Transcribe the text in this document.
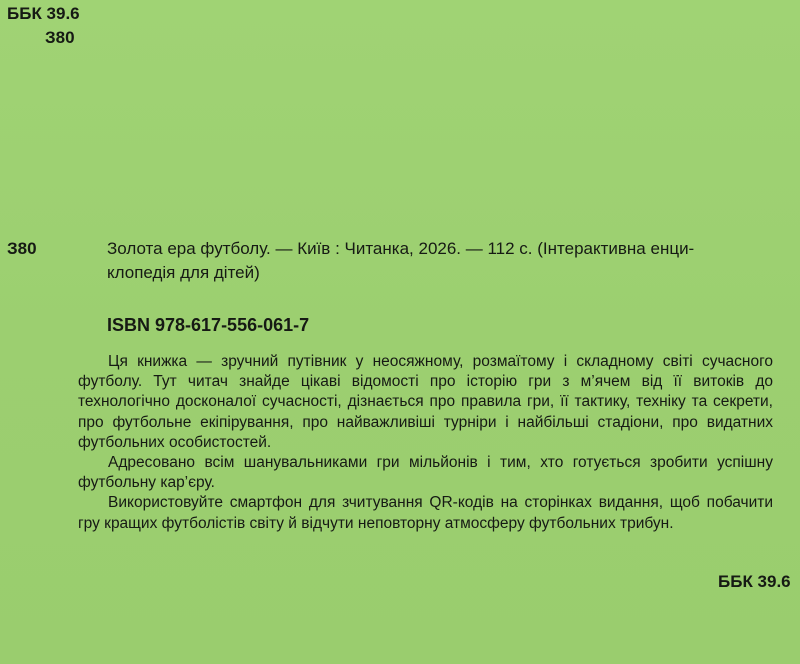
ББК 39.6
З80
З80	Золота ера футболу. — Київ : Читанка, 2026. — 112 с. (Інтерактивна енци-
клопедія для дітей)
ISBN 978-617-556-061-7

Ця книжка — зручний путівник у неосяжному, розмаїтому і складному світі сучасного футболу. Тут читач знайде цікаві відомості про історію гри з м’ячем від її витоків до технологічно досконалої сучасності, дізнається про правила гри, її тактику, техніку та секрети, про футбольне екіпірування, про найважливіші турніри і найбільші стадіони, про видатних футбольних особистостей.

Адресовано всім шанувальниками гри мільйонів і тим, хто готується зробити успішну футбольну кар’єру.

Використовуйте смартфон для зчитування QR-кодів на сторінках видання, щоб побачити гру кращих футболістів світу й відчути неповторну атмосферу футбольних трибун.

ББК 39.6
